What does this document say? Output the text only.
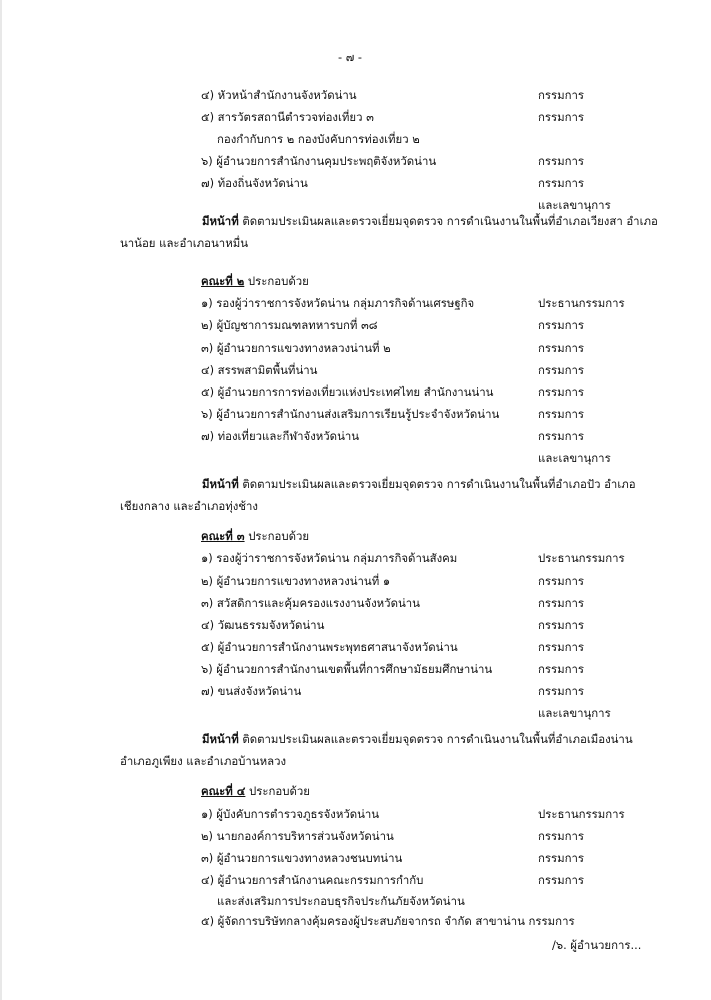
- ๗ -
๔) หัวหน้าสำนักงานจังหวัดน่าน	กรรมการ
๕) สารวัตรสถานีตำรวจท่องเที่ยว ๓	กรรมการ
กองกำกับการ ๒ กองบังคับการท่องเที่ยว ๒
๖) ผู้อำนวยการสำนักงานคุมประพฤติจังหวัดน่าน	กรรมการ
๗) ท้องถิ่นจังหวัดน่าน	กรรมการ
และเลขานุการ
มีหน้าที่ ติดตามประเมินผลและตรวจเยี่ยมจุดตรวจ การดำเนินงานในพื้นที่อำเภอเวียงสา อำเภอนาน้อย และอำเภอนาหมื่น
คณะที่ ๒ ประกอบด้วย
๑) รองผู้ว่าราชการจังหวัดน่าน กลุ่มภารกิจด้านเศรษฐกิจ	ประธานกรรมการ
๒) ผู้บัญชาการมณฑลทหารบกที่ ๓๘	กรรมการ
๓) ผู้อำนวยการแขวงทางหลวงน่านที่ ๒	กรรมการ
๔) สรรพสามิตพื้นที่น่าน	กรรมการ
๕) ผู้อำนวยการการท่องเที่ยวแห่งประเทศไทย สำนักงานน่าน	กรรมการ
๖) ผู้อำนวยการสำนักงานส่งเสริมการเรียนรู้ประจำจังหวัดน่าน	กรรมการ
๗) ท่องเที่ยวและกีฬาจังหวัดน่าน	กรรมการ
และเลขานุการ
มีหน้าที่ ติดตามประเมินผลและตรวจเยี่ยมจุดตรวจ การดำเนินงานในพื้นที่อำเภอปัว อำเภอเชียงกลาง และอำเภอทุ่งช้าง
คณะที่ ๓ ประกอบด้วย
๑) รองผู้ว่าราชการจังหวัดน่าน กลุ่มภารกิจด้านสังคม	ประธานกรรมการ
๒) ผู้อำนวยการแขวงทางหลวงน่านที่ ๑	กรรมการ
๓) สวัสดิการและคุ้มครองแรงงานจังหวัดน่าน	กรรมการ
๔) วัฒนธรรมจังหวัดน่าน	กรรมการ
๕) ผู้อำนวยการสำนักงานพระพุทธศาสนาจังหวัดน่าน	กรรมการ
๖) ผู้อำนวยการสำนักงานเขตพื้นที่การศึกษามัธยมศึกษาน่าน	กรรมการ
๗) ขนส่งจังหวัดน่าน	กรรมการ
และเลขานุการ
มีหน้าที่ ติดตามประเมินผลและตรวจเยี่ยมจุดตรวจ การดำเนินงานในพื้นที่อำเภอเมืองน่าน อำเภอภูเพียง และอำเภอบ้านหลวง
คณะที่ ๔ ประกอบด้วย
๑) ผู้บังคับการตำรวจภูธรจังหวัดน่าน	ประธานกรรมการ
๒) นายกองค์การบริหารส่วนจังหวัดน่าน	กรรมการ
๓) ผู้อำนวยการแขวงทางหลวงชนบทน่าน	กรรมการ
๔) ผู้อำนวยการสำนักงานคณะกรรมการกำกับ	กรรมการ
และส่งเสริมการประกอบธุรกิจประกันภัยจังหวัดน่าน
๕) ผู้จัดการบริษัทกลางคุ้มครองผู้ประสบภัยจากรถ จำกัด สาขาน่าน กรรมการ
/๖. ผู้อำนวยการ...
